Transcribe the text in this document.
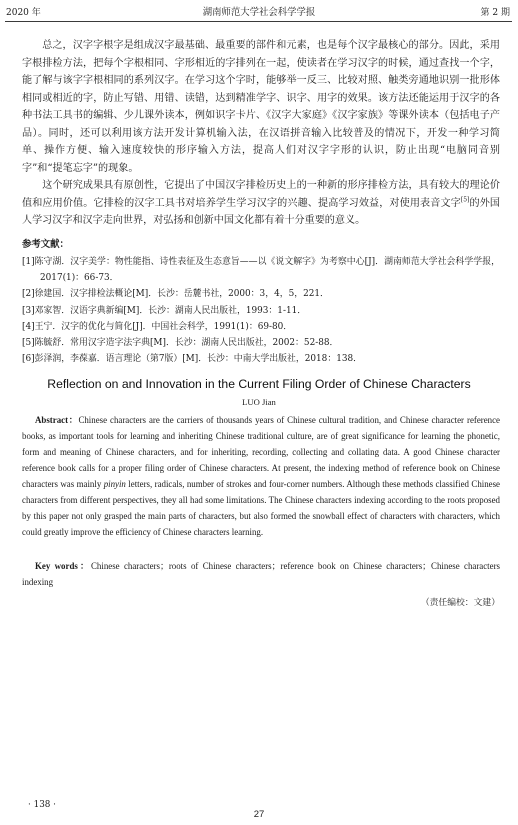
2020 年	湖南师范大学社会科学学报	第 2 期

总之，汉字字根字是组成汉字最基础、最重要的部件和元素，也是每个汉字最核心的部分。因此，采用字根排检方法，把每个字根相同、字形相近的字排列在一起，使读者在学习汉字的时候，通过查找一个字，能了解与该字字根相同的系列汉字。在学习这个字时，能够举一反三、比较对照、触类旁通地识别一批形体相同或相近的字，防止写错、用错、读错，达到精准学字、识字、用字的效果。该方法还能运用于汉字的各种书法工具书的编辑、少儿课外读本，例如识字卡片、《汉字大家庭》《汉字家族》等课外读本（包括电子产品）。同时，还可以利用该方法开发计算机输入法，在汉语拼音输入比较普及的情况下，开发一种学习简单、操作方便、输入速度较快的形序输入方法，提高人们对汉字字形的认识，防止出现“电脑同音别字”和“提笔忘字”的现象。

这个研究成果具有原创性，它提出了中国汉字排检历史上的一种新的形序排检方法，具有较大的理论价值和应用价值。它排检的汉字工具书对培养学生学习汉字的兴趣、提高学习效益，对使用表音文字[5]的外国人学习汉字和汉字走向世界，对弘扬和创新中国文化都有着十分重要的意义。

参考文献：
[1]陈守湖．汉字美学：物性能指、诗性表征及生态意旨——以《说文解字》为考察中心[J]．湖南师范大学社会科学学报，2017(1)：66-73．
[2]徐建国．汉字排检法概论[M]．长沙：岳麓书社，2000：3，4，5，221．
[3]邓家智．汉语字典新编[M]．长沙：湖南人民出版社，1993：1-11．
[4]王宁．汉字的优化与简化[J]．中国社会科学，1991(1)：69-80．
[5]陈毓舒．常用汉字造字法字典[M]．长沙：湖南人民出版社，2002：52-88．
[6]彭泽润，李葆嘉．语言理论（第7版）[M]．长沙：中南大学出版社，2018：138．
Reflection on and Innovation in the Current Filing Order of Chinese Characters
LUO Jian

Abstract：Chinese characters are the carriers of thousands years of Chinese cultural tradition, and Chinese character reference books, as important tools for learning and inheriting Chinese traditional culture, are of great significance for learning the phonetic, form and meaning of Chinese characters, and for inheriting, recording, collecting and collating data. A good Chinese character reference book calls for a proper filing order of Chinese characters. At present, the indexing method of reference book on Chinese characters was mainly pinyin letters, radicals, number of strokes and four-corner numbers. Although these methods classified Chinese characters from different perspectives, they all had some limitations. The Chinese characters indexing according to the roots proposed by this paper not only grasped the main parts of characters, but also formed the snowball effect of characters with characters, which could greatly improve the efficiency of Chinese characters learning.

Key words：Chinese characters；roots of Chinese characters；reference book on Chinese characters；Chinese characters indexing

（责任编校：文建）
· 138 ·
27
